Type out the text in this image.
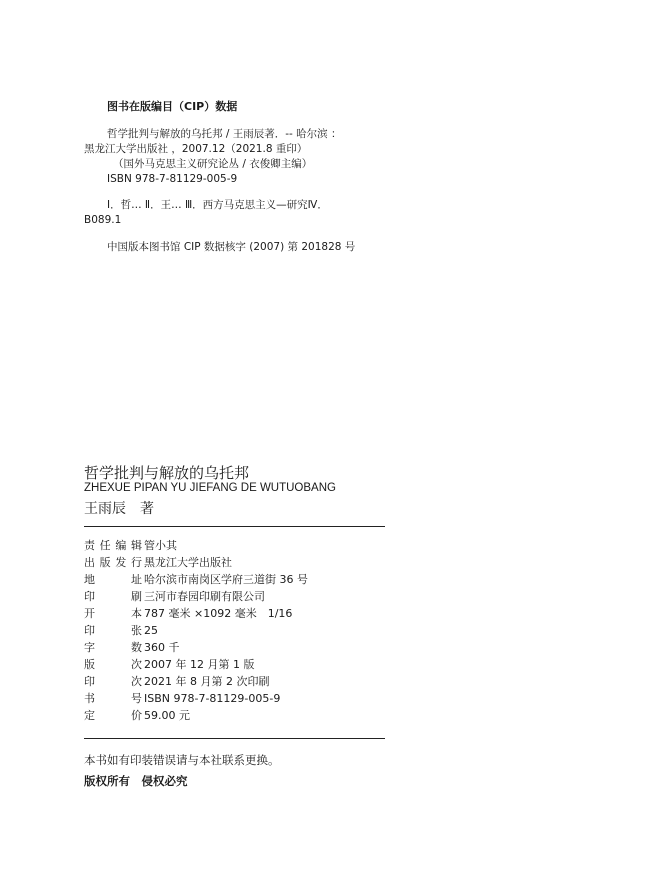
图书在版编目（CIP）数据
哲学批判与解放的乌托邦 / 王雨辰著．-- 哈尔滨 ：
黑龙江大学出版社 ，2007.12（2021.8 重印）
（国外马克思主义研究论丛 / 衣俊卿主编）
ISBN 978-7-81129-005-9
Ⅰ．哲… Ⅱ．王… Ⅲ．西方马克思主义—研究Ⅳ．
B089.1
中国版本图书馆 CIP 数据核字 (2007) 第 201828 号
哲学批判与解放的乌托邦
ZHEXUE PIPAN YU JIEFANG DE WUTUOBANG
王雨辰　著
责任编辑 管小其
出版发行 黑龙江大学出版社
地址 哈尔滨市南岗区学府三道街 36 号
印刷 三河市春园印刷有限公司
开本 787 毫米 ×1092 毫米　1/16
印张 25
字数 360 千
版次 2007 年 12 月第 1 版
印次 2021 年 8 月第 2 次印刷
书号 ISBN 978-7-81129-005-9
定价 59.00 元
本书如有印装错误请与本社联系更换。
版权所有　侵权必究
